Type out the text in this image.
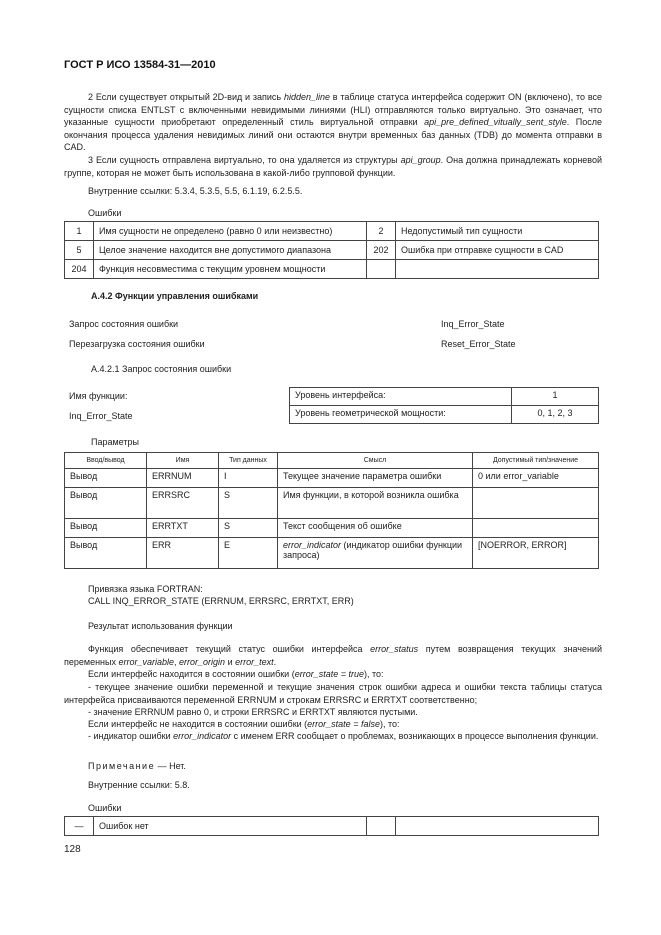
ГОСТ Р ИСО 13584-31—2010
2 Если существует открытый 2D-вид и запись hidden_line в таблице статуса интерфейса содержит ON (включено), то все сущности списка ENTLST с включенными невидимыми линиями (HLI) отправляются только виртуально. Это означает, что указанные сущности приобретают определенный стиль виртуальной отправки api_pre_defined_vitually_sent_style. После окончания процесса удаления невидимых линий они остаются внутри временных баз данных (TDB) до момента отправки в CAD.
3 Если сущность отправлена виртуально, то она удаляется из структуры api_group. Она должна принадлежать корневой группе, которая не может быть использована в какой-либо групповой функции.
Внутренние ссылки: 5.3.4, 5.3.5, 5.5, 6.1.19, 6.2.5.5.
Ошибки
1	Имя сущности не определено (равно 0 или неизвестно)	2	Недопустимый тип сущности
5	Целое значение находится вне допустимого диапазона	202	Ошибка при отправке сущности в CAD
204	Функция несовместима с текущим уровнем мощности		
А.4.2 Функции управления ошибками
Запрос состояния ошибки	Inq_Error_State
Перезагрузка состояния ошибки	Reset_Error_State
А.4.2.1 Запрос состояния ошибки
Имя функции:
Inq_Error_State
Уровень интерфейса:	1
Уровень геометрической мощности:	0, 1, 2, 3
Параметры
Ввод/вывод	Имя	Тип данных	Смысл	Допустимый тип/значение
Вывод	ERRNUM	I	Текущее значение параметра ошибки	0 или error_variable
Вывод	ERRSRC	S	Имя функции, в которой возникла ошибка	
Вывод	ERRTXT	S	Текст сообщения об ошибке	
Вывод	ERR	E	error_indicator (индикатор ошибки функции запроса)	[NOERROR, ERROR]
Привязка языка FORTRAN:
CALL INQ_ERROR_STATE (ERRNUM, ERRSRC, ERRTXT, ERR)
Результат использования функции
Функция обеспечивает текущий статус ошибки интерфейса error_status путем возвращения текущих значений переменных error_variable, error_origin и error_text.
Если интерфейс находится в состоянии ошибки (error_state = true), то:
- текущее значение ошибки переменной и текущие значения строк ошибки адреса и ошибки текста таблицы статуса интерфейса присваиваются переменной ERRNUM и строкам ERRSRC и ERRTXT соответственно;
- значение ERRNUM равно 0, и строки ERRSRC и ERRTXT являются пустыми.
Если интерфейс не находится в состоянии ошибки (error_state = false), то:
- индикатор ошибки error_indicator с именем ERR сообщает о проблемах, возникающих в процессе выполнения функции.
Примечание — Нет.
Внутренние ссылки: 5.8.
Ошибки
—	Ошибок нет		
128
